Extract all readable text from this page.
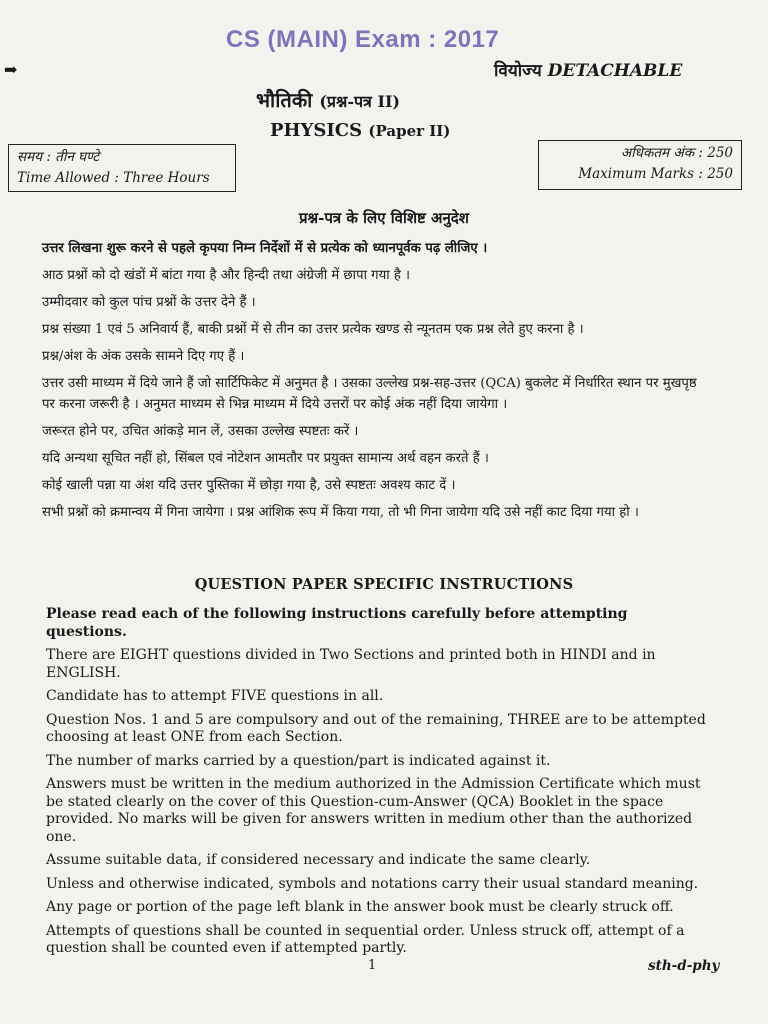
CS (MAIN) Exam : 2017
➡	वियोज्य DETACHABLE
भौतिकी (प्रश्न-पत्र II)
PHYSICS (Paper II)
समय : तीन घण्टे
Time Allowed : Three Hours
अधिकतम अंक : 250
Maximum Marks : 250
प्रश्न-पत्र के लिए विशिष्ट अनुदेश

उत्तर लिखना शुरू करने से पहले कृपया निम्न निर्देशों में से प्रत्येक को ध्यानपूर्वक पढ़ लीजिए ।

आठ प्रश्नों को दो खंडों में बांटा गया है और हिन्दी तथा अंग्रेजी में छापा गया है ।

उम्मीदवार को कुल पांच प्रश्नों के उत्तर देने हैं ।

प्रश्न संख्या 1 एवं 5 अनिवार्य हैं, बाकी प्रश्नों में से तीन का उत्तर प्रत्येक खण्ड से न्यूनतम एक प्रश्न लेते हुए करना है ।

प्रश्न/अंश के अंक उसके सामने दिए गए हैं ।

उत्तर उसी माध्यम में दिये जाने हैं जो सार्टिफिकेट में अनुमत है । उसका उल्लेख प्रश्न-सह-उत्तर (QCA) बुकलेट में निर्धारित स्थान पर मुखपृष्ठ पर करना जरूरी है । अनुमत माध्यम से भिन्न माध्यम में दिये उत्तरों पर कोई अंक नहीं दिया जायेगा ।

जरूरत होने पर, उचित आंकड़े मान लें, उसका उल्लेख स्पष्टतः करें ।

यदि अन्यथा सूचित नहीं हो, सिंबल एवं नोटेशन आमतौर पर प्रयुक्त सामान्य अर्थ वहन करते हैं ।

कोई खाली पन्ना या अंश यदि उत्तर पुस्तिका में छोड़ा गया है, उसे स्पष्टतः अवश्य काट दें ।

सभी प्रश्नों को क्रमान्वय में गिना जायेगा । प्रश्न आंशिक रूप में किया गया, तो भी गिना जायेगा यदि उसे नहीं काट दिया गया हो ।

QUESTION PAPER SPECIFIC INSTRUCTIONS

Please read each of the following instructions carefully before attempting questions.

There are EIGHT questions divided in Two Sections and printed both in HINDI and in ENGLISH.

Candidate has to attempt FIVE questions in all.

Question Nos. 1 and 5 are compulsory and out of the remaining, THREE are to be attempted choosing at least ONE from each Section.

The number of marks carried by a question/part is indicated against it.

Answers must be written in the medium authorized in the Admission Certificate which must be stated clearly on the cover of this Question-cum-Answer (QCA) Booklet in the space provided. No marks will be given for answers written in medium other than the authorized one.

Assume suitable data, if considered necessary and indicate the same clearly.

Unless and otherwise indicated, symbols and notations carry their usual standard meaning.

Any page or portion of the page left blank in the answer book must be clearly struck off.

Attempts of questions shall be counted in sequential order. Unless struck off, attempt of a question shall be counted even if attempted partly.

1	sth-d-phy
